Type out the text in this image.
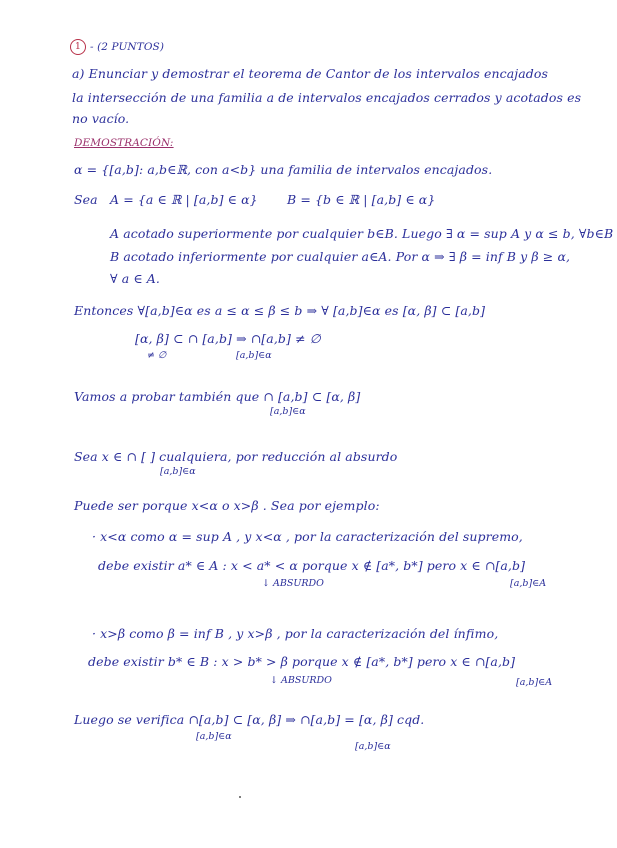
1 - (2 PUNTOS)
a) Enunciar y demostrar el teorema de Cantor de los intervalos encajados
la intersección de una familia a de intervalos encajados cerrados y acotados es
no vacío.
DEMOSTRACIÓN:
α = {[a,b]: a,b∈ℝ, con a<b} una familia de intervalos encajados.
Sea A = {a ∈ ℝ | [a,b] ∈ α} B = {b ∈ ℝ | [a,b] ∈ α}
A acotado superiormente por cualquier b∈B. Luego ∃ α = sup A y α ≤ b, ∀b∈B
B acotado inferiormente por cualquier a∈A. Por α ⇒ ∃ β = inf B y β ≥ α,
∀ a ∈ A.
Entonces ∀[a,b]∈α es a ≤ α ≤ β ≤ b ⇒ ∀ [a,b]∈α es [α, β] ⊂ [a,b]
[α, β] ⊂ ∩ [a,b] ⇒ ∩[a,b] ≠ ∅
≠ ∅	[a,b]∈α
Vamos a probar también que ∩ [a,b] ⊂ [α, β]
[a,b]∈α
Sea x ∈ ∩ [ ] cualquiera, por reducción al absurdo
[a,b]∈α
Puede ser porque x<α o x>β . Sea por ejemplo:
· x<α como α = sup A , y x<α , por la caracterización del supremo,
debe existir a* ∈ A : x < a* < α porque x ∉ [a*, b*] pero x ∈ ∩[a,b]
↓ ABSURDO	[a,b]∈A
· x>β como β = inf B , y x>β , por la caracterización del ínfimo,
debe existir b* ∈ B : x > b* > β porque x ∉ [a*, b*] pero x ∈ ∩[a,b]
↓ ABSURDO	[a,b]∈A
Luego se verifica ∩[a,b] ⊂ [α, β] ⇒ ∩[a,b] = [α, β] cqd.
[a,b]∈α
[a,b]∈α
